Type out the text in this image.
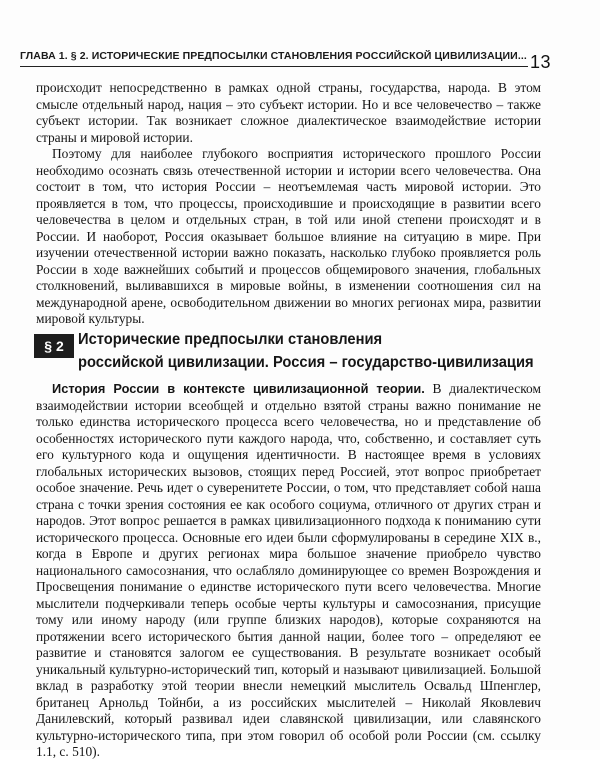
ГЛАВА 1. § 2. ИСТОРИЧЕСКИЕ ПРЕДПОСЫЛКИ СТАНОВЛЕНИЯ РОССИЙСКОЙ ЦИВИЛИЗАЦИИ... 13

происходит непосредственно в рамках одной страны, государства, народа. В этом смысле отдельный народ, нация – это субъект истории. Но и все человечество – также субъект истории. Так возникает сложное диалектическое взаимодействие истории страны и мировой истории.

Поэтому для наиболее глубокого восприятия исторического прошлого России необходимо осознать связь отечественной истории и истории всего человечества. Она состоит в том, что история России – неотъемлемая часть мировой истории. Это проявляется в том, что процессы, происходившие и происходящие в развитии всего человечества в целом и отдельных стран, в той или иной степени происходят и в России. И наоборот, Россия оказывает большое влияние на ситуацию в мире. При изучении отечественной истории важно показать, насколько глубоко проявляется роль России в ходе важнейших событий и процессов общемирового значения, глобальных столкновений, выливавшихся в мировые войны, в изменении соотношения сил на международной арене, освободительном движении во многих регионах мира, развитии мировой культуры.

§ 2 Исторические предпосылки становления
российской цивилизации. Россия – государство-цивилизация

История России в контексте цивилизационной теории. В диалектическом взаимодействии истории всеобщей и отдельно взятой страны важно понимание не только единства исторического процесса всего человечества, но и представление об особенностях исторического пути каждого народа, что, собственно, и составляет суть его культурного кода и ощущения идентичности. В настоящее время в условиях глобальных исторических вызовов, стоящих перед Россией, этот вопрос приобретает особое значение. Речь идет о суверенитете России, о том, что представляет собой наша страна с точки зрения состояния ее как особого социума, отличного от других стран и народов. Этот вопрос решается в рамках цивилизационного подхода к пониманию сути исторического процесса. Основные его идеи были сформулированы в середине XIX в., когда в Европе и других регионах мира большое значение приобрело чувство национального самосознания, что ослабляло доминирующее со времен Возрождения и Просвещения понимание о единстве исторического пути всего человечества. Многие мыслители подчеркивали теперь особые черты культуры и самосознания, присущие тому или иному народу (или группе близких народов), которые сохраняются на протяжении всего исторического бытия данной нации, более того – определяют ее развитие и становятся залогом ее существования. В результате возникает особый уникальный культурно-исторический тип, который и называют цивилизацией. Большой вклад в разработку этой теории внесли немецкий мыслитель Освальд Шпенглер, британец Арнольд Тойнби, а из российских мыслителей – Николай Яковлевич Данилевский, который развивал идеи славянской цивилизации, или славянского культурно-исторического типа, при этом говорил об особой роли России (см. ссылку 1.1, с. 510).
